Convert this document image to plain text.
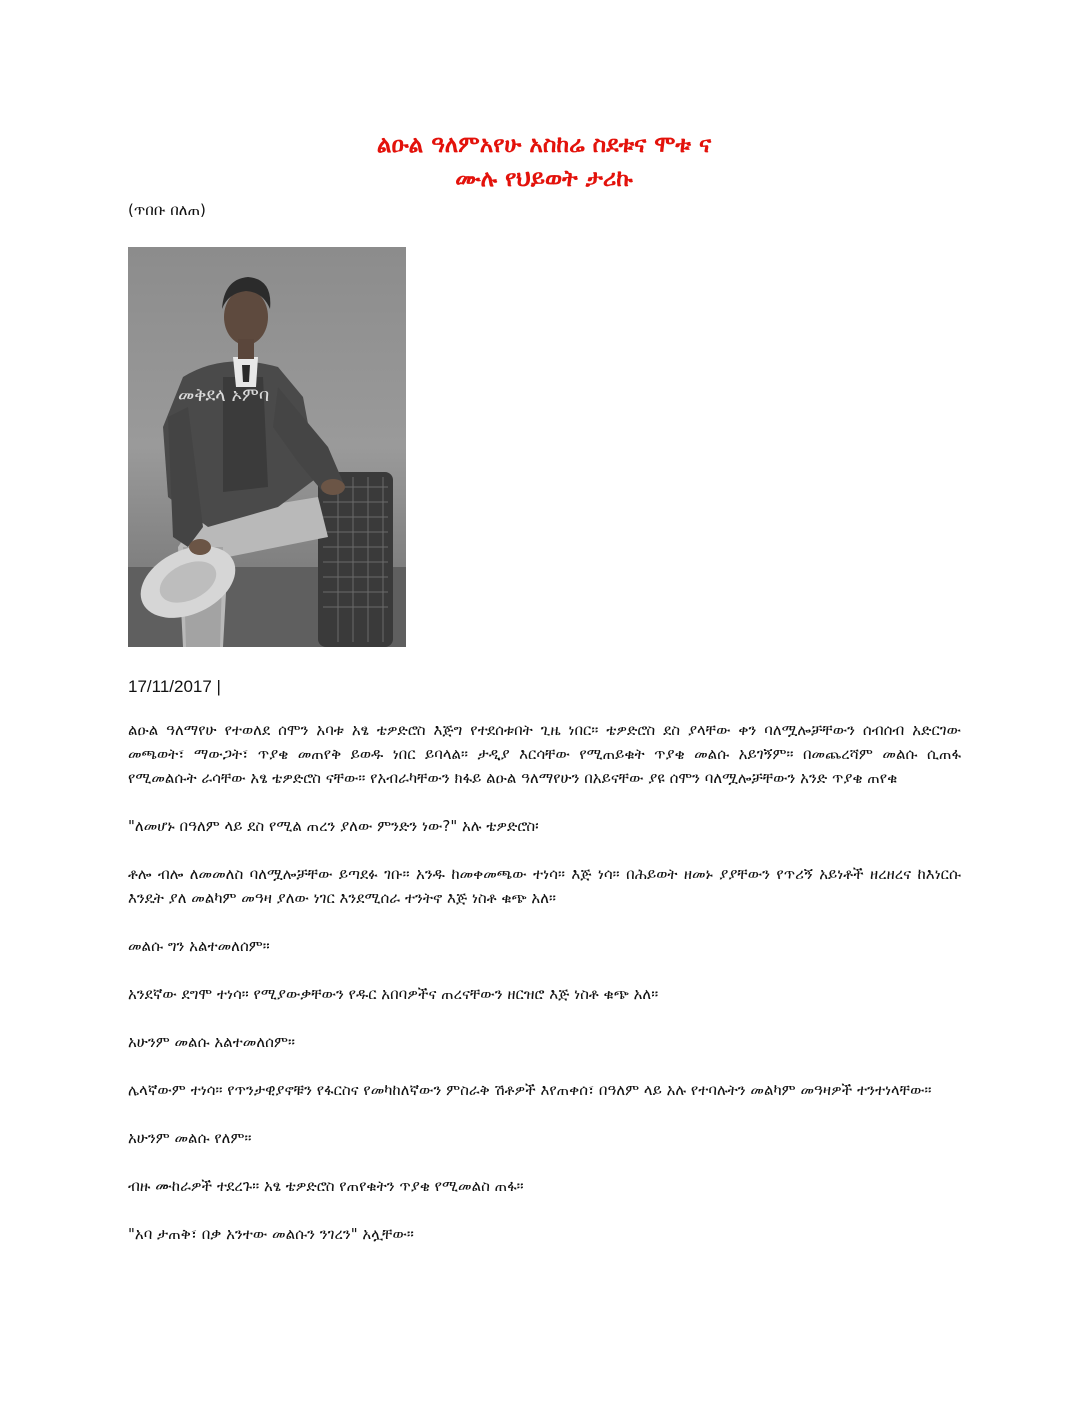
ልዑል ዓለምአየሁ አስከሬ ስደቱና ሞቱ ና
ሙሉ የህይወት ታሪኩ
(ጥበቡ በለጠ)
መቅደላ ኦምባ
17/11/2017 |

ልዑል ዓለማየሁ የተወለደ ሰሞን አባቱ አፄ ቴዎድሮስ እጅግ የተደሰቱበት ጊዜ ነበር። ቴዎድሮስ ደስ ያላቸው ቀን ባለሟሎቻቸውን ሰብሰብ አድርገው መጫወት፣ ማውጋት፣ ጥያቄ መጠየቅ ይወዱ ነበር ይባላል። ታዲያ እርሳቸው የሚጠይቁት ጥያቄ መልሱ አይገኝም። በመጨረሻም መልሱ ሲጠፋ የሚመልሱት ራሳቸው አፄ ቴዎድሮስ ናቸው። የአብራካቸውን ክፋይ ልዑል ዓለማየሁን በአይናቸው ያዩ ሰሞን ባለሟሎቻቸውን አንድ ጥያቄ ጠየቁ

"ለመሆኑ በዓለም ላይ ደስ የሚል ጠረን ያለው ምንድን ነው?" አሉ ቴዎድሮስ፡

ቶሎ ብሎ ለመመለስ ባለሟሎቻቸው ይጣደፉ ገቡ። አንዱ ከመቀመጫው ተነሳ። እጅ ነሳ። በሕይወት ዘመኑ ያያቸውን የጥሪኝ አይነቶች ዘረዘረና ከእነርሱ እንዴት ያለ መልካም መዓዛ ያለው ነገር እንደሚሰራ ተንትኖ እጅ ነስቶ ቁጭ አለ።

መልሱ ግን አልተመለሰም።

አንደኛው ደግሞ ተነሳ። የሚያውቃቸውን የዱር አበባዎችና ጠረናቸውን ዘርዝሮ እጅ ነስቶ ቁጭ አለ።

አሁንም መልሱ አልተመለሰም።

ሌላኛውም ተነሳ። የጥንታዊያኖቹን የፋርስና የመካከለኛውን ምስራቅ ሽቶዎች እየጠቀሰ፣ በዓለም ላይ አሉ የተባሉትን መልካም መዓዛዎች ተንተነላቸው።

አሁንም መልሱ የለም።

ብዙ ሙከራዎች ተደረጉ። አፄ ቴዎድሮስ የጠየቁትን ጥያቄ የሚመልስ ጠፋ።

"አባ ታጠቅ፣ በቃ አንተው መልሱን ንገረን" አሏቸው።
